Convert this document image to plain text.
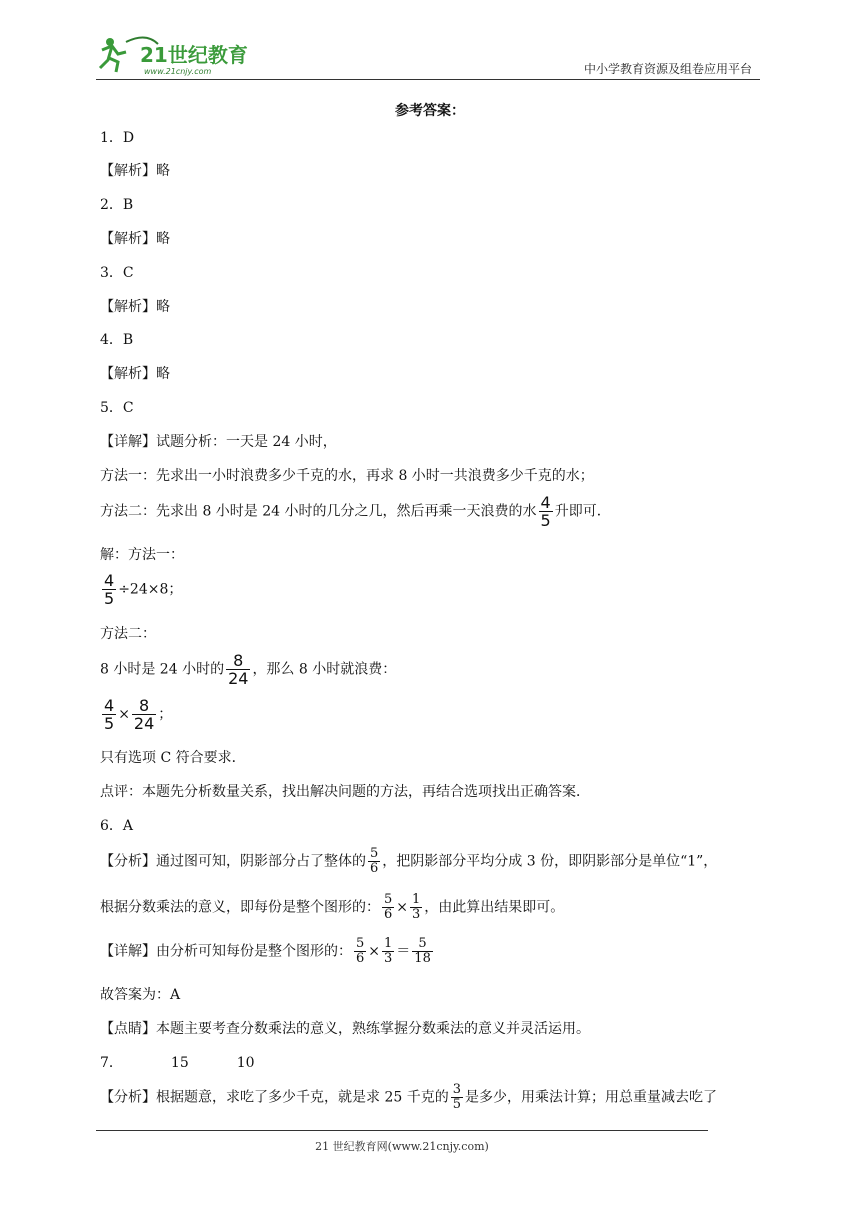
21世纪教育
www.21cnjy.com	中小学教育资源及组卷应用平台
参考答案：
1．D
【解析】略
2．B
【解析】略
3．C
【解析】略
4．B
【解析】略
5．C
【详解】试题分析：一天是 24 小时，
方法一：先求出一小时浪费多少千克的水，再求 8 小时一共浪费多少千克的水；
方法二：先求出 8 小时是 24 小时的几分之几，然后再乘一天浪费的水 $\frac{4}{5}$ 升即可．
解：方法一：
$\frac{4}{5} \div 24\times 8$；
方法二：
8 小时是 24 小时的 $\frac{8}{24}$ ，那么 8 小时就浪费：
$\frac{4}{5} \times \frac{8}{24}$ ；
只有选项 C 符合要求．
点评：本题先分析数量关系，找出解决问题的方法，再结合选项找出正确答案．
6．A
【分析】通过图可知，阴影部分占了整体的 $\frac{5}{6}$ ，把阴影部分平均分成 3 份，即阴影部分是单位“1”，
根据分数乘法的意义，即每份是整个图形的： $\frac{5}{6} \times \frac{1}{3}$ ，由此算出结果即可。
【详解】由分析可知每份是整个图形的： $\frac{5}{6} \times \frac{1}{3} = \frac{5}{18}$
故答案为：A
【点睛】本题主要考查分数乘法的意义，熟练掌握分数乘法的意义并灵活运用。
7．	15	10
【分析】根据题意，求吃了多少千克，就是求 25 千克的 $\frac{3}{5}$ 是多少，用乘法计算；用总重量减去吃了
21 世纪教育网(www.21cnjy.com)
